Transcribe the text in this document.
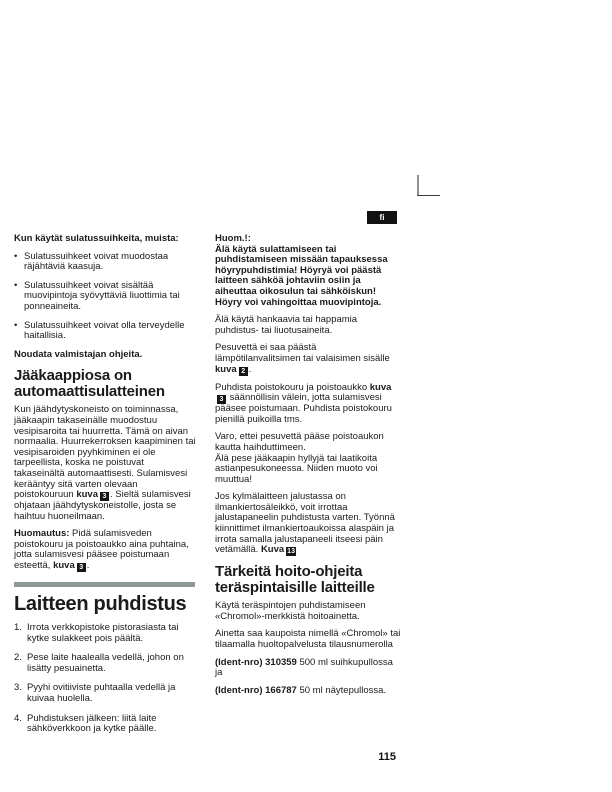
fi

Kun käytät sulatussuihkeita, muista:

• Sulatussuihkeet voivat muodostaa räjähtäviä kaasuja.
• Sulatussuihkeet voivat sisältää muovipintoja syövyttäviä liuottimia tai ponneaineita.
• Sulatussuihkeet voivat olla terveydelle haitallisia.

Noudata valmistajan ohjeita.

Jääkaappiosa on automaattisulatteinen

Kun jäähdytyskoneisto on toiminnassa, jääkaapin takaseinälle muodostuu vesipisaroita tai huurretta. Tämä on aivan normaalia. Huurrekerroksen kaapiminen tai vesipisaroiden pyyhkiminen ei ole tarpeellista, koska ne poistuvat takaseinältä automaattisesti. Sulamisvesi kerääntyy sitä varten olevaan poistokouruun kuva 3 . Sieltä sulamisvesi ohjataan jäähdytyskoneistolle, josta se haihtuu huoneilmaan.

Huomautus: Pidä sulamisveden poistokouru ja poistoaukko aina puhtaina, jotta sulamisvesi pääsee poistumaan esteettä, kuva 3 .

Laitteen puhdistus
1. Irrota verkkopistoke pistorasiasta tai kytke sulakkeet pois päältä.
2. Pese laite haalealla vedellä, johon on lisätty pesuainetta.
3. Pyyhi ovitiiviste puhtaalla vedellä ja kuivaa huolella.
4. Puhdistuksen jälkeen: liitä laite sähköverkkoon ja kytke päälle.

Huom.!:
Älä käytä sulattamiseen tai puhdistamiseen missään tapauksessa höyrypuhdistimia! Höyryä voi päästä laitteen sähköä johtaviin osiin ja aiheuttaa oikosulun tai sähköiskun! Höyry voi vahingoittaa muovipintoja.

Älä käytä hankaavia tai happamia puhdistus- tai liuotusaineita.

Pesuvettä ei saa päästä lämpötilanvalitsimen tai valaisimen sisälle kuva 2 .

Puhdista poistokouru ja poistoaukko kuva3 säännöllisin välein, jotta sulamisvesi pääsee poistumaan. Puhdista poistokouru pienillä puikoilla tms.

Varo, ettei pesuvettä pääse poistoaukon kautta haihduttimeen.
Älä pese jääkaapin hyllyjä tai laatikoita astianpesukoneessa. Niiden muoto voi muuttua!

Jos kylmälaitteen jalustassa on ilmankiertosäleikkö, voit irrottaa jalustapaneelin puhdistusta varten. Työnnä kiinnittimet ilmankiertoaukoissa alaspäin ja irrota samalla jalustapaneeli itseesi päin vetämällä. Kuva 13

Tärkeitä hoito-ohjeita teräspintaisille laitteille

Käytä teräspintojen puhdistamiseen «Chromol»-merkkistä hoitoainetta.

Ainetta saa kaupoista nimellä «Chromol» tai tilaamalla huoltopalvelusta tilausnumerolla

(Ident-nro) 310359 500 ml suihkupullossa ja

(Ident-nro) 166787 50 ml näytepullossa.

115
